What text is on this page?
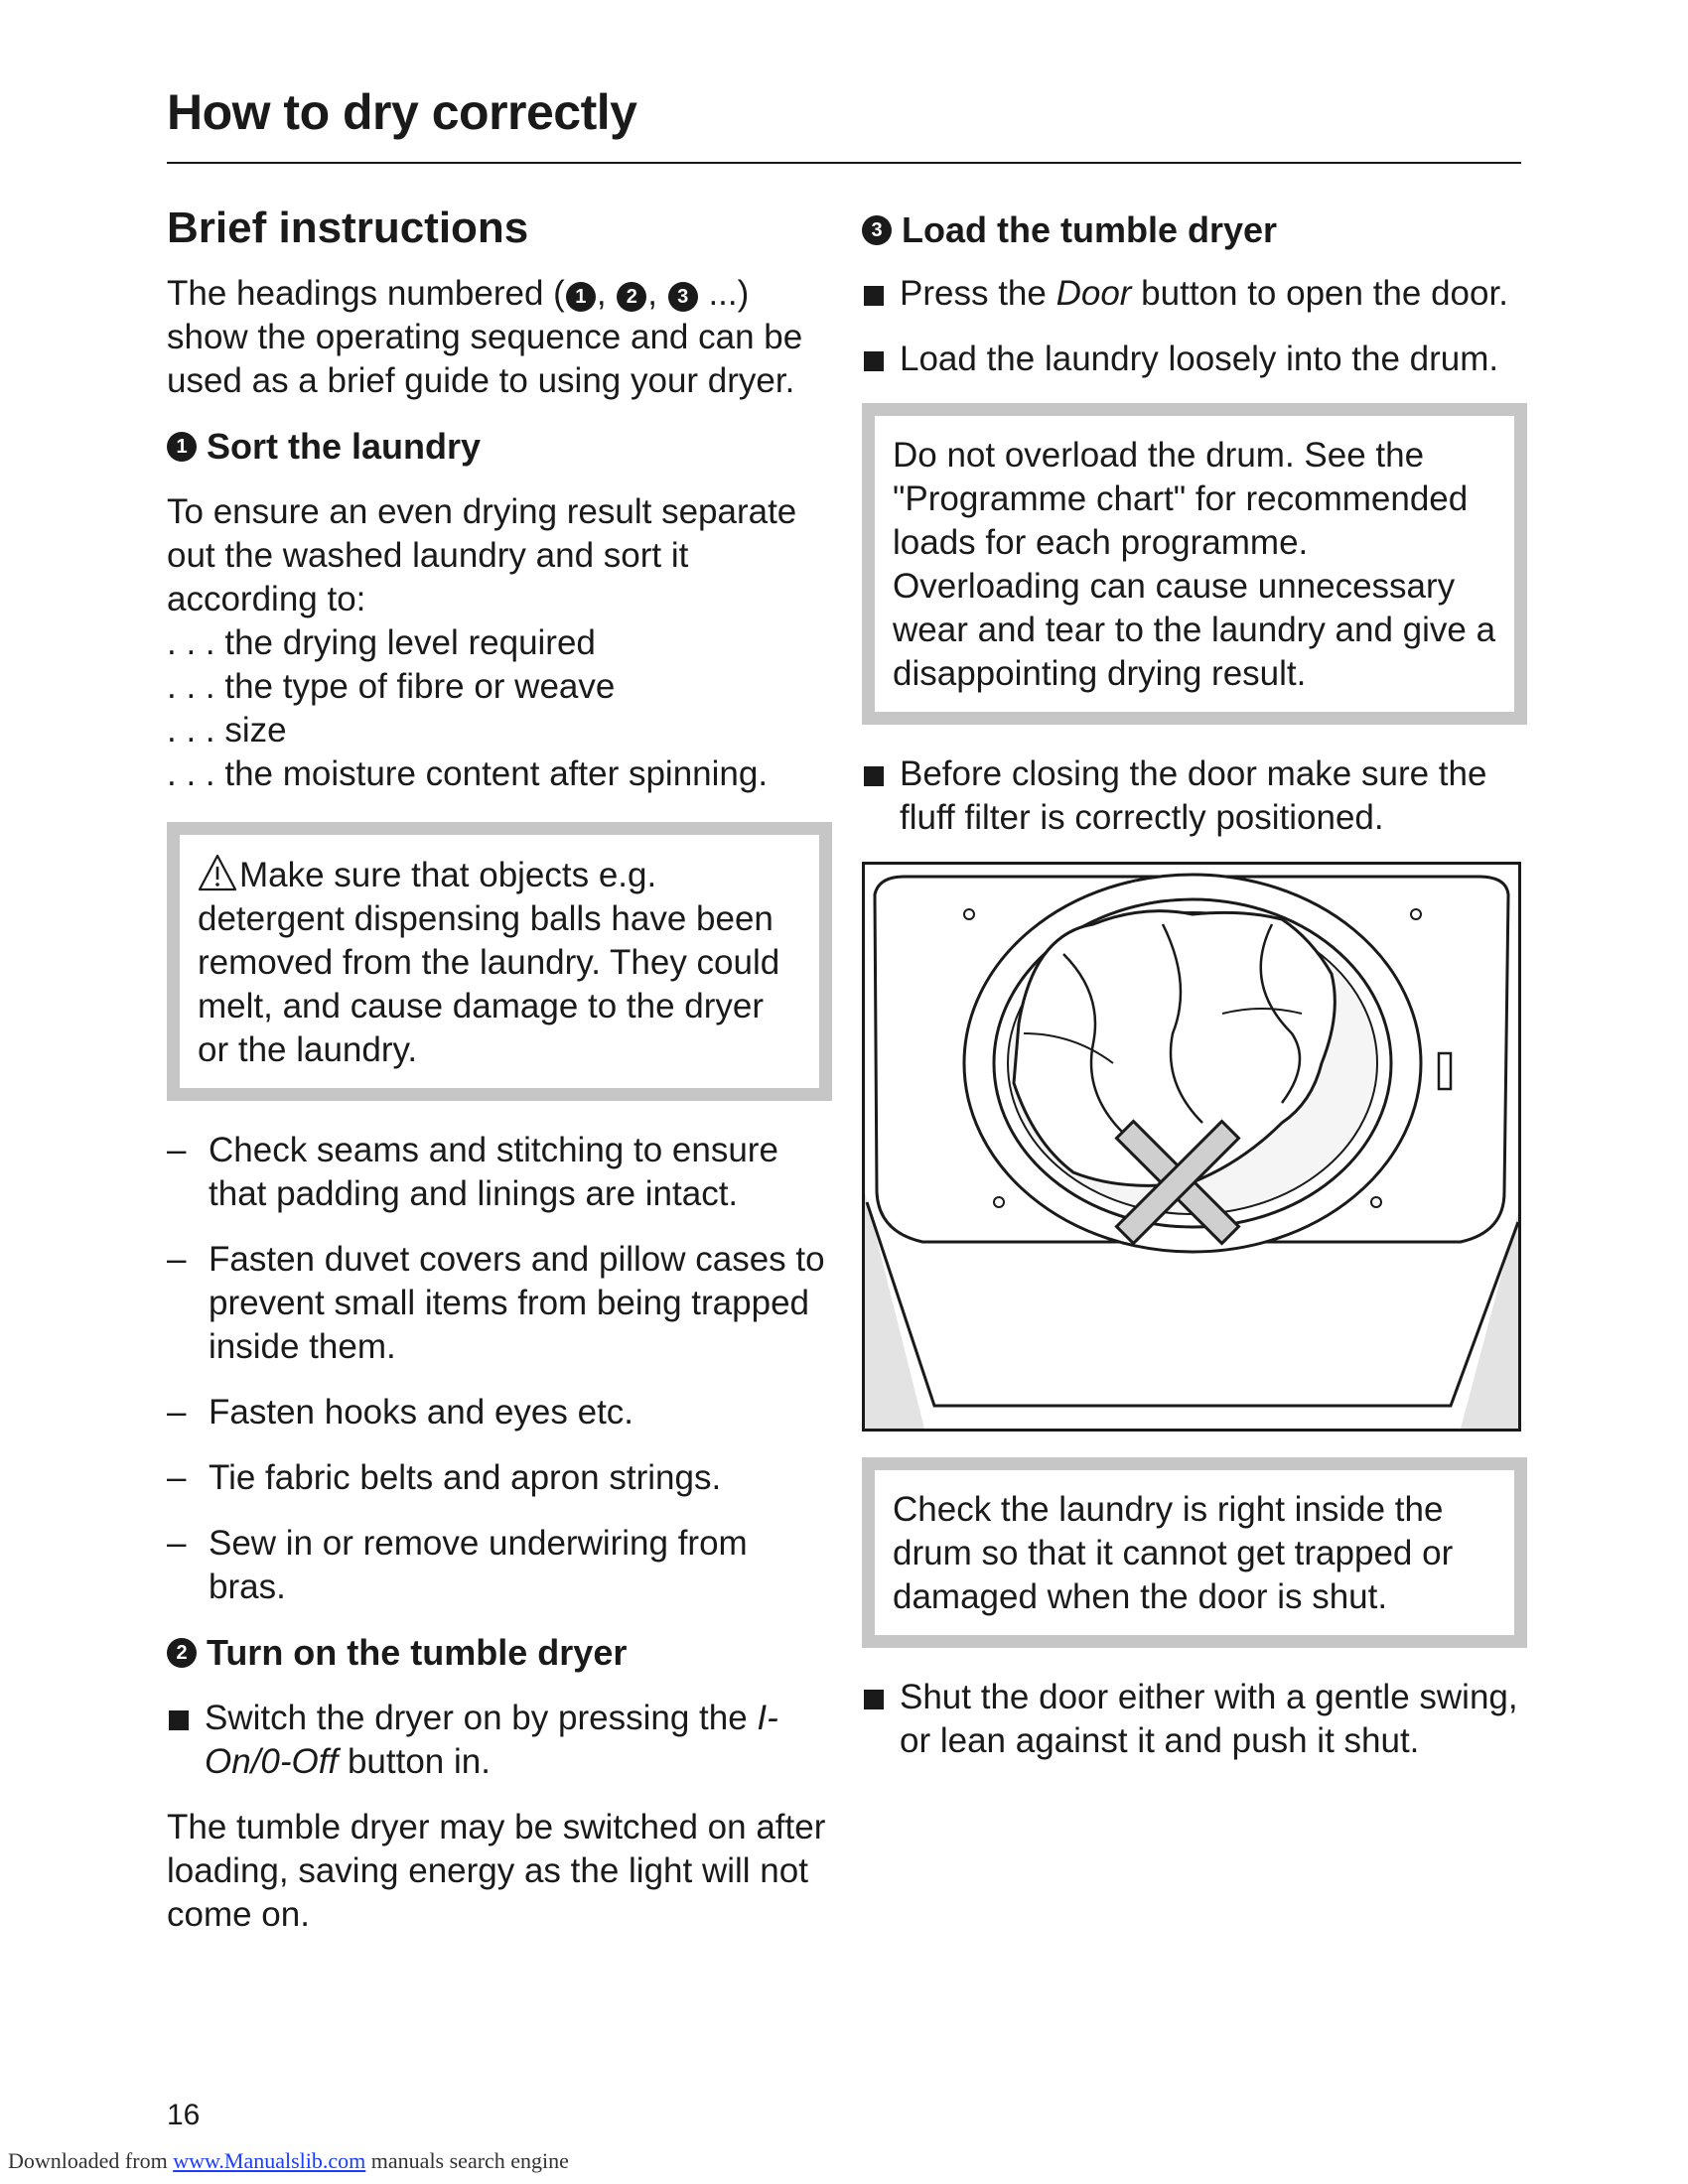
How to dry correctly
Brief instructions
The headings numbered ( 1 , 2 , 3 ...) show the operating sequence and can be used as a brief guide to using your dryer.
1 Sort the laundry
To ensure an even drying result separate out the washed laundry and sort it according to:
. . . the drying level required
. . . the type of fibre or weave
. . . size
. . . the moisture content after spinning.
Make sure that objects e.g. detergent dispensing balls have been removed from the laundry. They could melt, and cause damage to the dryer or the laundry.
– Check seams and stitching to ensure that padding and linings are intact.
– Fasten duvet covers and pillow cases to prevent small items from being trapped inside them.
– Fasten hooks and eyes etc.
– Tie fabric belts and apron strings.
– Sew in or remove underwiring from bras.
2 Turn on the tumble dryer
Switch the dryer on by pressing the I-On/0-Off button in.
The tumble dryer may be switched on after loading, saving energy as the light will not come on.
3 Load the tumble dryer
Press the Door button to open the door.
Load the laundry loosely into the drum.
Do not overload the drum. See the "Programme chart" for recommended loads for each programme.
Overloading can cause unnecessary wear and tear to the laundry and give a disappointing drying result.
Before closing the door make sure the fluff filter is correctly positioned.
Check the laundry is right inside the drum so that it cannot get trapped or damaged when the door is shut.
Shut the door either with a gentle swing, or lean against it and push it shut.
16
Downloaded from www.Manualslib.com manuals search engine
